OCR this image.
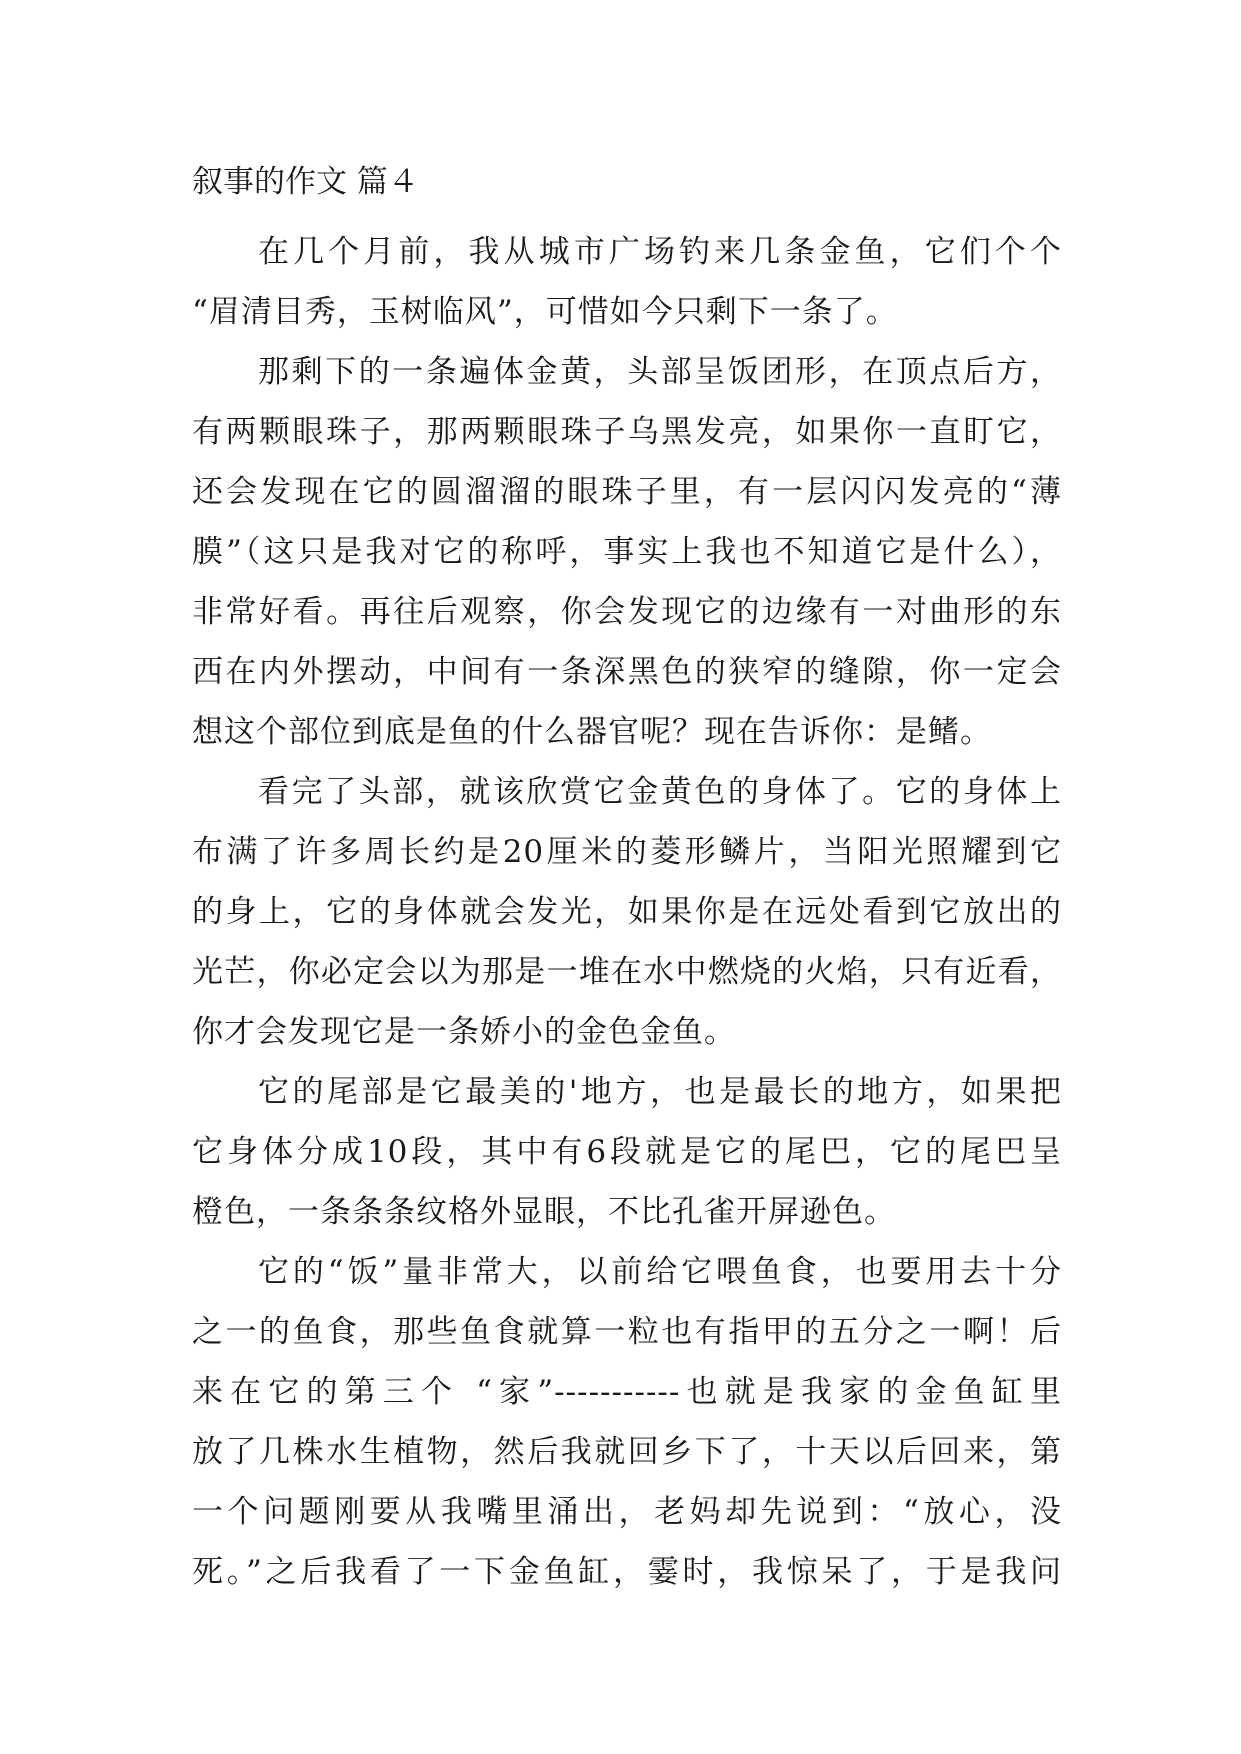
叙事的作文 篇４
在几个月前，我从城市广场钓来几条金鱼，它们个个
“眉清目秀，玉树临风”，可惜如今只剩下一条了。
那剩下的一条遍体金黄，头部呈饭团形，在顶点后方，
有两颗眼珠子，那两颗眼珠子乌黑发亮，如果你一直盯它，
还会发现在它的圆溜溜的眼珠子里，有一层闪闪发亮的“薄
膜”（这只是我对它的称呼，事实上我也不知道它是什么），
非常好看。再往后观察，你会发现它的边缘有一对曲形的东
西在内外摆动，中间有一条深黑色的狭窄的缝隙，你一定会
想这个部位到底是鱼的什么器官呢？现在告诉你：是鳍。
看完了头部，就该欣赏它金黄色的身体了。它的身体上
布满了许多周长约是20厘米的菱形鳞片，当阳光照耀到它
的身上，它的身体就会发光，如果你是在远处看到它放出的
光芒，你必定会以为那是一堆在水中燃烧的火焰，只有近看，
你才会发现它是一条娇小的金色金鱼。
它的尾部是它最美的'地方，也是最长的地方，如果把
它身体分成10段，其中有6段就是它的尾巴，它的尾巴呈
橙色，一条条条纹格外显眼，不比孔雀开屏逊色。
它的“饭”量非常大，以前给它喂鱼食，也要用去十分
之一的鱼食，那些鱼食就算一粒也有指甲的五分之一啊！后
来在它的第三个 “家”-----------也就是我家的金鱼缸里
放了几株水生植物，然后我就回乡下了，十天以后回来，第
一个问题刚要从我嘴里涌出，老妈却先说到：“放心，没
死。”之后我看了一下金鱼缸，霎时，我惊呆了，于是我问
